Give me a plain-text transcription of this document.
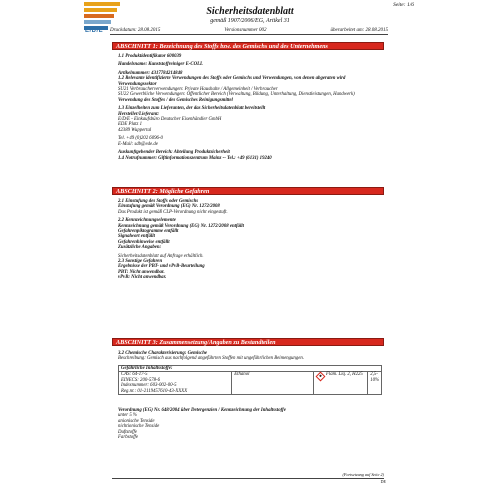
E/D/E
Seite: 1/6
Sicherheitsdatenblatt
gemäß 1907/2006/EG, Artikel 31
Druckdatum: 28.08.2015	Versionsnummer 002	überarbeitet am: 28.08.2015
ABSCHNITT 1: Bezeichnung des Stoffs bzw. des Gemischs und des Unternehmens

1.1 Produktidentifikator 600039

Handelsname: Kunststoffreiniger E-COLL

Artikelnummer: 4317784214848

1.2 Relevante identifizierte Verwendungen des Stoffs oder Gemischs und Verwendungen, von denen abgeraten wird

Verwendungssektor

SU21 Verbraucherverwendungen: Private Haushalte / Allgemeinheit / Verbraucher

SU22 Gewerbliche Verwendungen: Öffentlicher Bereich (Verwaltung, Bildung, Unterhaltung, Dienstleistungen, Handwerk)

Verwendung des Stoffes / des Gemisches Reinigungsmittel

1.3 Einzelheiten zum Lieferanten, der das Sicherheitsdatenblatt bereitstellt

Hersteller/Lieferant:

E/D/E - Einkaufsbüro Deutscher Eisenhändler GmbH

EDE Platz 1

42389 Wuppertal

Tel. +49 (0)202 6096-0

E-Mail: sdb@ede.de

Auskunftgebender Bereich: Abteilung Produktsicherheit

1.4 Notrufnummer: Giftinformationszentrum Mainz -- Tel.: +49 (6131) 19240

ABSCHNITT 2: Mögliche Gefahren

2.1 Einstufung des Stoffs oder Gemischs

Einstufung gemäß Verordnung (EG) Nr. 1272/2008

Das Produkt ist gemäß CLP-Verordnung nicht eingestuft.

2.2 Kennzeichnungselemente

Kennzeichnung gemäß Verordnung (EG) Nr. 1272/2008 entfällt

Gefahrenpiktogramme entfällt

Signalwort entfällt

Gefahrenhinweise entfällt

Zusätzliche Angaben:

Sicherheitsdatenblatt auf Anfrage erhältlich.

2.3 Sonstige Gefahren

Ergebnisse der PBT- und vPvB-Beurteilung

PBT: Nicht anwendbar.

vPvB: Nicht anwendbar.

ABSCHNITT 3: Zusammensetzung/Angaben zu Bestandteilen

3.2 Chemische Charakterisierung: Gemische

Beschreibung: Gemisch aus nachfolgend angeführten Stoffen mit ungefährlichen Beimengungen.

Gefährliche Inhaltsstoffe:
CAS: 64-17-5
EINECS: 200-578-6
Indexnummer: 603-002-00-5
Reg.nr.: 01-2119457610-43-XXXX
Ethanol	Flam. Liq. 2, H225	2,5-10%

Verordnung (EG) Nr. 648/2004 über Detergenzien / Kennzeichnung der Inhaltsstoffe

unter 5 %

anionische Tenside

nichtionische Tenside

Duftstoffe

Farbstoffe

(Fortsetzung auf Seite 2)
DE
